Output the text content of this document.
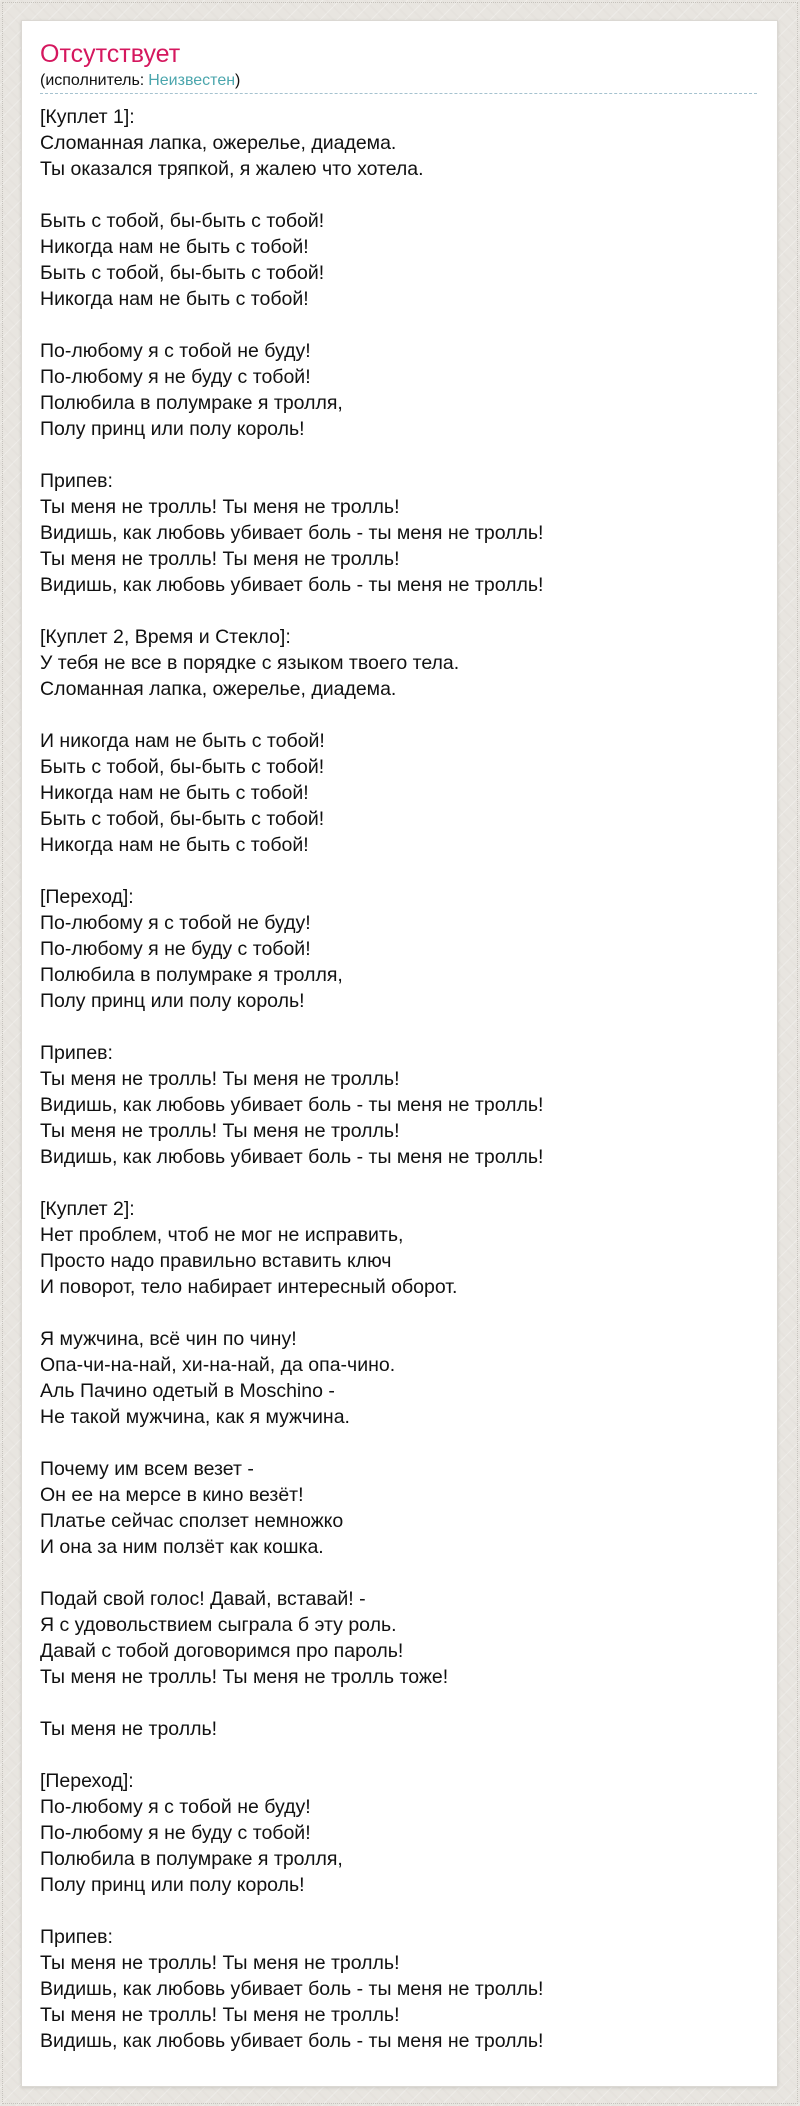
Отсутствует

(исполнитель: Неизвестен)

[Куплет 1]:
Сломанная лапка, ожерелье, диадема.
Ты оказался тряпкой, я жалею что хотела.

Быть с тобой, бы-быть с тобой!
Никогда нам не быть с тобой!
Быть с тобой, бы-быть с тобой!
Никогда нам не быть с тобой!

По-любому я с тобой не буду!
По-любому я не буду с тобой!
Полюбила в полумраке я тролля,
Полу принц или полу король!

Припев:
Ты меня не тролль! Ты меня не тролль!
Видишь, как любовь убивает боль - ты меня не тролль!
Ты меня не тролль! Ты меня не тролль!
Видишь, как любовь убивает боль - ты меня не тролль!

[Куплет 2, Время и Стекло]:
У тебя не все в порядке с языком твоего тела.
Сломанная лапка, ожерелье, диадема.

И никогда нам не быть с тобой!
Быть с тобой, бы-быть с тобой!
Никогда нам не быть с тобой!
Быть с тобой, бы-быть с тобой!
Никогда нам не быть с тобой!

[Переход]:
По-любому я с тобой не буду!
По-любому я не буду с тобой!
Полюбила в полумраке я тролля,
Полу принц или полу король!

Припев:
Ты меня не тролль! Ты меня не тролль!
Видишь, как любовь убивает боль - ты меня не тролль!
Ты меня не тролль! Ты меня не тролль!
Видишь, как любовь убивает боль - ты меня не тролль!

[Куплет 2]:
Нет проблем, чтоб не мог не исправить,
Просто надо правильно вставить ключ
И поворот, тело набирает интересный оборот.

Я мужчина, всё чин по чину!
Опа-чи-на-най, хи-на-най, да опа-чино.
Аль Пачино одетый в Moschino -
Не такой мужчина, как я мужчина.

Почему им всем везет -
Он ее на мерсе в кино везёт!
Платье сейчас сползет немножко
И она за ним ползёт как кошка.

Подай свой голос! Давай, вставай! -
Я с удовольствием сыграла б эту роль.
Давай с тобой договоримся про пароль!
Ты меня не тролль! Ты меня не тролль тоже!

Ты меня не тролль!

[Переход]:
По-любому я с тобой не буду!
По-любому я не буду с тобой!
Полюбила в полумраке я тролля,
Полу принц или полу король!

Припев:
Ты меня не тролль! Ты меня не тролль!
Видишь, как любовь убивает боль - ты меня не тролль!
Ты меня не тролль! Ты меня не тролль!
Видишь, как любовь убивает боль - ты меня не тролль!
